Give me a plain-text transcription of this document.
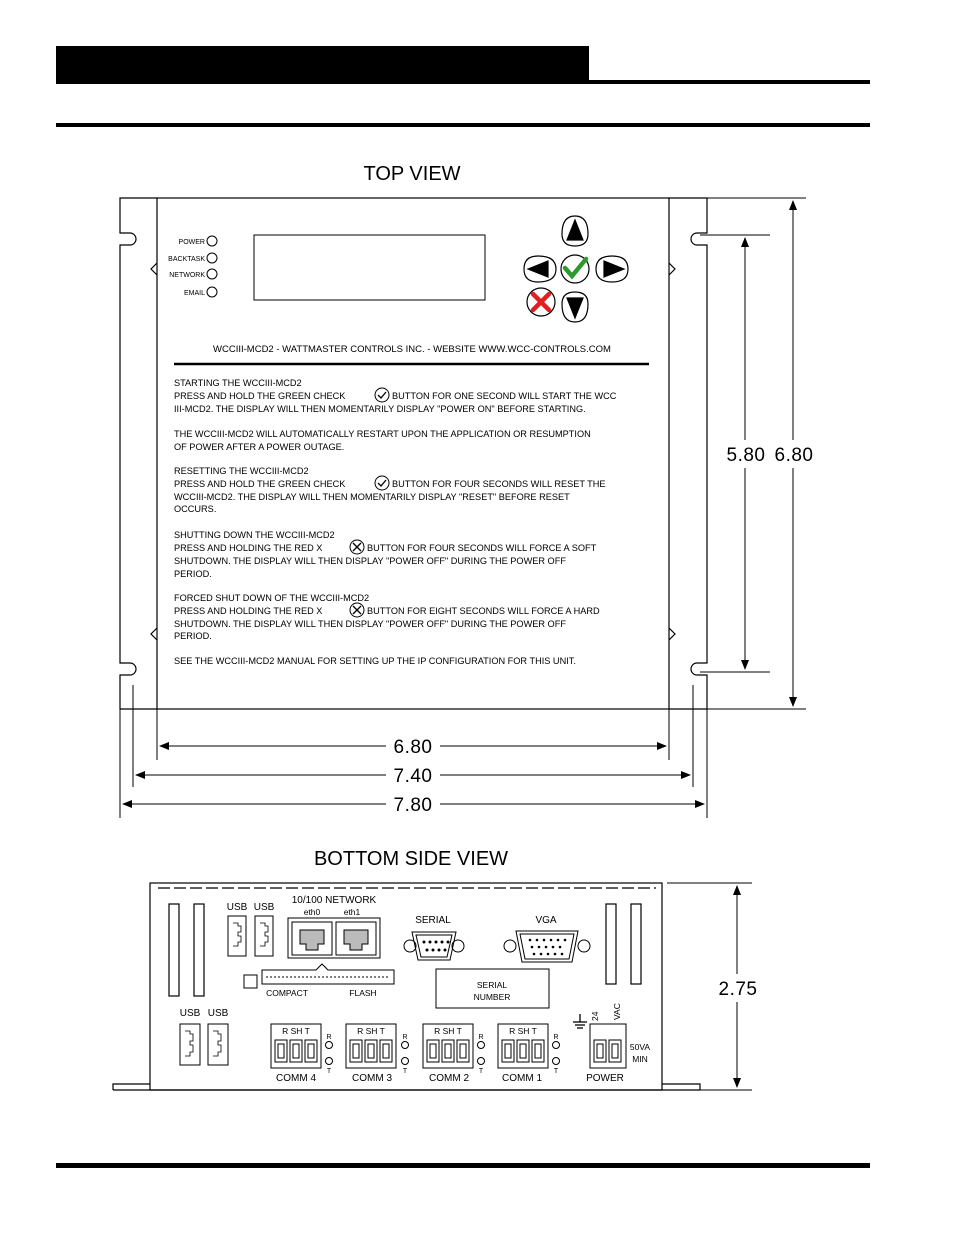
TOP VIEW
POWER
BACKTASK
NETWORK
EMAIL
WCCIII-MCD2 - WATTMASTER CONTROLS INC. - WEBSITE WWW.WCC-CONTROLS.COM
STARTING THE WCCIII-MCD2
PRESS AND HOLD THE GREEN CHECK	BUTTON FOR ONE SECOND WILL START THE WCC
III-MCD2. THE DISPLAY WILL THEN MOMENTARILY DISPLAY "POWER ON" BEFORE STARTING.
THE WCCIII-MCD2 WILL AUTOMATICALLY RESTART UPON THE APPLICATION OR RESUMPTION
OF POWER AFTER A POWER OUTAGE.
RESETTING THE WCCIII-MCD2
PRESS AND HOLD THE GREEN CHECK	BUTTON FOR FOUR SECONDS WILL RESET THE
WCCIII-MCD2. THE DISPLAY WILL THEN MOMENTARILY DISPLAY "RESET" BEFORE RESET
OCCURS.
SHUTTING DOWN THE WCCIII-MCD2
PRESS AND HOLDING THE RED X	BUTTON FOR FOUR SECONDS WILL FORCE A SOFT
SHUTDOWN. THE DISPLAY WILL THEN DISPLAY "POWER OFF" DURING THE POWER OFF
PERIOD.
FORCED SHUT DOWN OF THE WCCIII-MCD2
PRESS AND HOLDING THE RED X	BUTTON FOR EIGHT SECONDS WILL FORCE A HARD
SHUTDOWN. THE DISPLAY WILL THEN DISPLAY "POWER OFF" DURING THE POWER OFF
PERIOD.
SEE THE WCCIII-MCD2 MANUAL FOR SETTING UP THE IP CONFIGURATION FOR THIS UNIT.
5.80 6.80
6.80
7.40
7.80
BOTTOM SIDE VIEW
USB USB
10/100 NETWORK
eth0	eth1
SERIAL	VGA
COMPACT	FLASH
SERIAL
NUMBER
USB USB
R SH T
R
T
COMM 4
R SH T
R
T
COMM 3
R SH T
R
T
COMM 2
R SH T
R
T
COMM 1
24 VAC
50VA
MIN
POWER
2.75
